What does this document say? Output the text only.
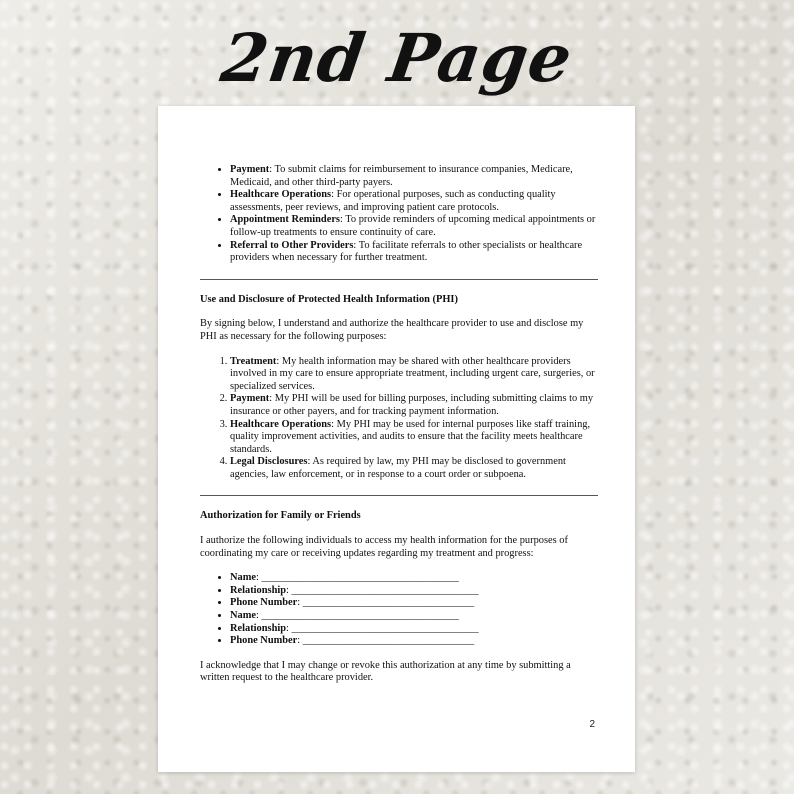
2nd Page
• Payment: To submit claims for reimbursement to insurance companies, Medicare, Medicaid, and other third-party payers.
• Healthcare Operations: For operational purposes, such as conducting quality assessments, peer reviews, and improving patient care protocols.
• Appointment Reminders: To provide reminders of upcoming medical appointments or follow-up treatments to ensure continuity of care.
• Referral to Other Providers: To facilitate referrals to other specialists or healthcare providers when necessary for further treatment.
Use and Disclosure of Protected Health Information (PHI)

By signing below, I understand and authorize the healthcare provider to use and disclose my PHI as necessary for the following purposes:

1. Treatment: My health information may be shared with other healthcare providers involved in my care to ensure appropriate treatment, including urgent care, surgeries, or specialized services.
2. Payment: My PHI will be used for billing purposes, including submitting claims to my insurance or other payers, and for tracking payment information.
3. Healthcare Operations: My PHI may be used for internal purposes like staff training, quality improvement activities, and audits to ensure that the facility meets healthcare standards.
4. Legal Disclosures: As required by law, my PHI may be disclosed to government agencies, law enforcement, or in response to a court order or subpoena.
Authorization for Family or Friends

I authorize the following individuals to access my health information for the purposes of coordinating my care or receiving updates regarding my treatment and progress:

• Name: ______________________________________
• Relationship: ____________________________________
• Phone Number: _________________________________
• Name: ______________________________________
• Relationship: ____________________________________
• Phone Number: _________________________________

I acknowledge that I may change or revoke this authorization at any time by submitting a written request to the healthcare provider.

2
